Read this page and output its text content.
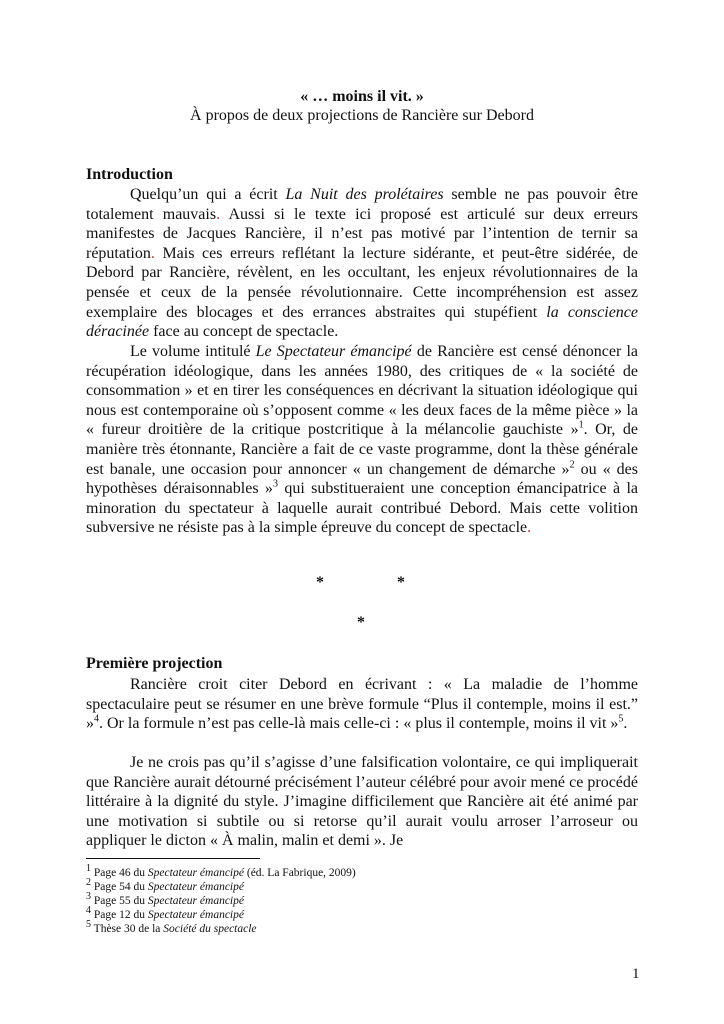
« … moins il vit. »
À propos de deux projections de Rancière sur Debord
Introduction

Quelqu’un qui a écrit La Nuit des prolétaires semble ne pas pouvoir être totalement mauvais. Aussi si le texte ici proposé est articulé sur deux erreurs manifestes de Jacques Rancière, il n’est pas motivé par l’intention de ternir sa réputation. Mais ces erreurs reflétant la lecture sidérante, et peut-être sidérée, de Debord par Rancière, révèlent, en les occultant, les enjeux révolutionnaires de la pensée et ceux de la pensée révolutionnaire. Cette incompréhension est assez exemplaire des blocages et des errances abstraites qui stupéfient la conscience déracinée face au concept de spectacle.

Le volume intitulé Le Spectateur émancipé de Rancière est censé dénoncer la récupération idéologique, dans les années 1980, des critiques de « la société de consommation » et en tirer les conséquences en décrivant la situation idéologique qui nous est contemporaine où s’opposent comme « les deux faces de la même pièce » la « fureur droitière de la critique postcritique à la mélancolie gauchiste »$^1$. Or, de manière très étonnante, Rancière a fait de ce vaste programme, dont la thèse générale est banale, une occasion pour annoncer « un changement de démarche »$^2$ ou « des hypothèses déraisonnables »$^3$ qui substitueraient une conception émancipatrice à la minoration du spectateur à laquelle aurait contribué Debord. Mais cette volition subversive ne résiste pas à la simple épreuve du concept de spectacle.

*	*
*
Première projection

Rancière croit citer Debord en écrivant : « La maladie de l’homme spectaculaire peut se résumer en une brève formule “Plus il contemple, moins il est.” »$^4$. Or la formule n’est pas celle-là mais celle-ci : « plus il contemple, moins il vit »$^5$.

Je ne crois pas qu’il s’agisse d’une falsification volontaire, ce qui impliquerait que Rancière aurait détourné précisément l’auteur célébré pour avoir mené ce procédé littéraire à la dignité du style. J’imagine difficilement que Rancière ait été animé par une motivation si subtile ou si retorse qu’il aurait voulu arroser l’arroseur ou appliquer le dicton « À malin, malin et demi ». Je

$^1$ Page 46 du Spectateur émancipé (éd. La Fabrique, 2009)

$^2$ Page 54 du Spectateur émancipé

$^3$ Page 55 du Spectateur émancipé

$^4$ Page 12 du Spectateur émancipé

$^5$ Thèse 30 de la Société du spectacle

1
